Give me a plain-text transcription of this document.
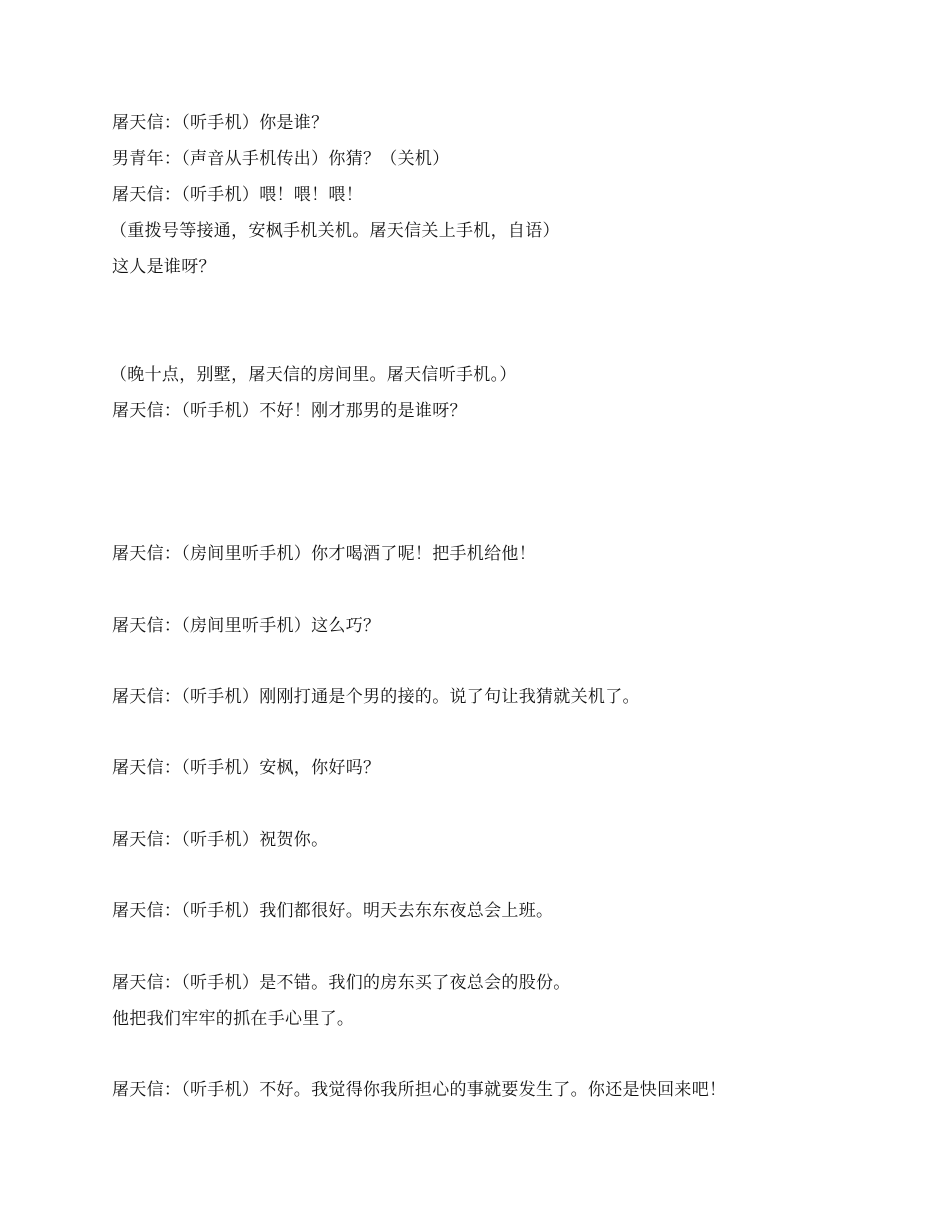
屠天信：（听手机）你是谁？
男青年：（声音从手机传出）你猜？（关机）
屠天信：（听手机）喂！喂！喂！
（重拨号等接通，安枫手机关机。屠天信关上手机，自语）
这人是谁呀？
（晚十点，别墅，屠天信的房间里。屠天信听手机。）
屠天信：（听手机）不好！刚才那男的是谁呀？
屠天信：（房间里听手机）你才喝酒了呢！把手机给他！
屠天信：（房间里听手机）这么巧？
屠天信：（听手机）刚刚打通是个男的接的。说了句让我猜就关机了。
屠天信：（听手机）安枫，你好吗？
屠天信：（听手机）祝贺你。
屠天信：（听手机）我们都很好。明天去东东夜总会上班。
屠天信：（听手机）是不错。我们的房东买了夜总会的股份。
他把我们牢牢的抓在手心里了。
屠天信：（听手机）不好。我觉得你我所担心的事就要发生了。你还是快回来吧！
